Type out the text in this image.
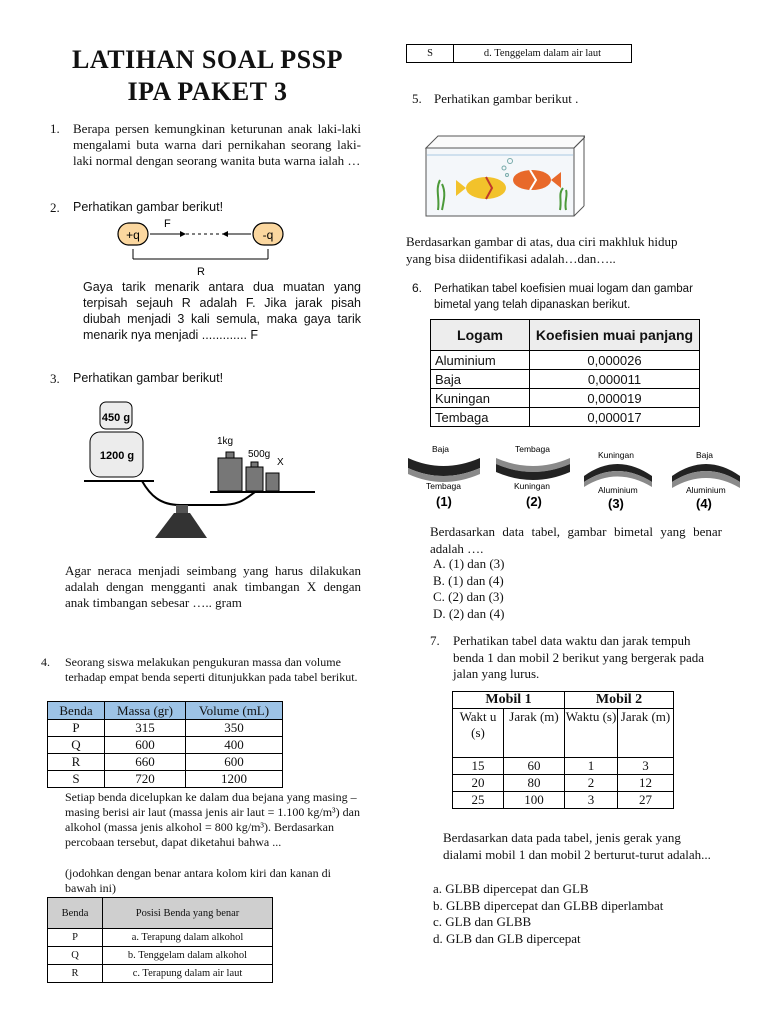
LATIHAN SOAL PSSP
IPA PAKET 3
1. Berapa persen kemungkinan keturunan anak laki-laki mengalami buta warna dari pernikahan seorang laki-laki normal dengan seorang wanita buta warna ialah …
2. Perhatikan gambar berikut!
+q	-q
F
R
Gaya tarik menarik antara dua muatan yang terpisah sejauh R adalah F. Jika jarak pisah diubah menjadi 3 kali semula, maka gaya tarik menarik nya menjadi ............. F
3. Perhatikan gambar berikut!
450 g
1200 g
1kg
500g
X
Agar neraca menjadi seimbang yang harus dilakukan adalah dengan mengganti anak timbangan X dengan anak timbangan sebesar ….. gram
4. Seorang siswa melakukan pengukuran massa dan volume terhadap empat benda seperti ditunjukkan pada tabel berikut.
Benda	Massa (gr)	Volume (mL)
P	315	350
Q	600	400
R	660	600
S	720	1200
Setiap benda dicelupkan ke dalam dua bejana yang masing – masing berisi air laut (massa jenis air laut = 1.100 kg/m³) dan alkohol (massa jenis alkohol = 800 kg/m³). Berdasarkan percobaan tersebut, dapat diketahui bahwa ...
(jodohkan dengan benar antara kolom kiri dan kanan di bawah ini)
Benda	Posisi Benda yang benar
P	a. Terapung dalam alkohol
Q	b. Tenggelam dalam alkohol
R	c. Terapung dalam air laut
S	d. Tenggelam dalam air laut
5. Perhatikan gambar berikut .
Berdasarkan gambar di atas, dua ciri makhluk hidup yang bisa diidentifikasi adalah…dan…..
6. Perhatikan tabel koefisien muai logam dan gambar bimetal yang telah dipanaskan berikut.
Logam	Koefisien muai panjang
Aluminium	0,000026
Baja	0,000011
Kuningan	0,000019
Tembaga	0,000017
Baja
Tembaga
(1)
Tembaga
Kuningan
(2)
Kuningan
Aluminium
(3)
Baja
Aluminium
(4)
Berdasarkan data tabel, gambar bimetal yang benar adalah ….
A. (1) dan (3)
B. (1) dan (4)
C. (2) dan (3)
D. (2) dan (4)
7. Perhatikan tabel data waktu dan jarak tempuh benda 1 dan mobil 2 berikut yang bergerak pada jalan yang lurus.
Mobil 1		Mobil 2	
Wakt u (s)	Jarak (m)	Waktu (s)	Jarak (m)
15	60	1	3
20	80	2	12
25	100	3	27
Berdasarkan data pada tabel, jenis gerak yang dialami mobil 1 dan mobil 2 berturut-turut adalah...
a. GLBB dipercepat dan GLB
b. GLBB dipercepat dan GLBB diperlambat
c. GLB dan GLBB
d. GLB dan GLB dipercepat
